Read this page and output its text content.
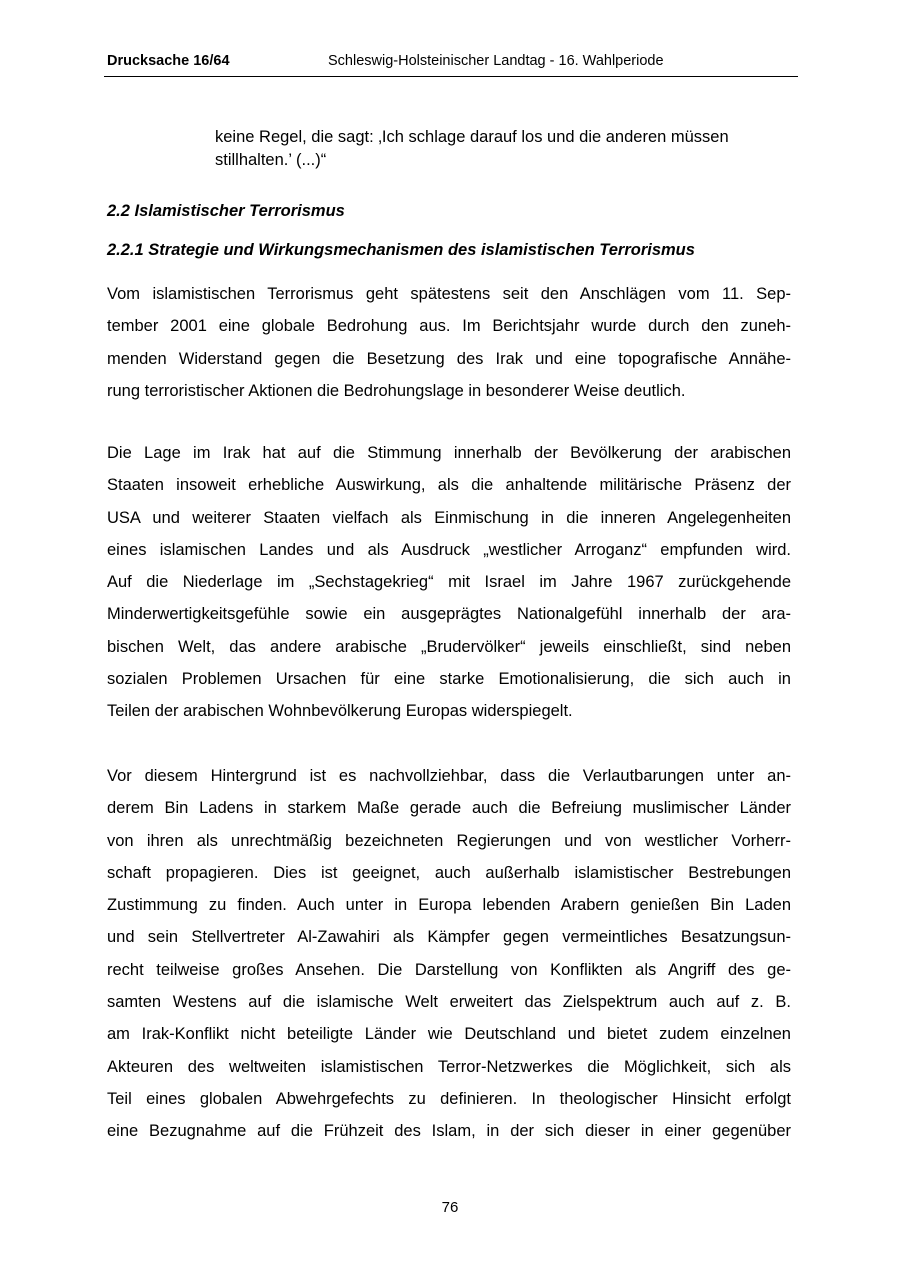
Drucksache 16/64	Schleswig-Holsteinischer Landtag - 16. Wahlperiode
keine Regel, die sagt: ‚Ich schlage darauf los und die anderen müssen
stillhalten.’ (...)“
2.2 Islamistischer Terrorismus
2.2.1 Strategie und Wirkungsmechanismen des islamistischen Terrorismus
Vom islamistischen Terrorismus geht spätestens seit den Anschlägen vom 11. Sep-
tember 2001 eine globale Bedrohung aus. Im Berichtsjahr wurde durch den zuneh-
menden Widerstand gegen die Besetzung des Irak und eine topografische Annähe-
rung terroristischer Aktionen die Bedrohungslage in besonderer Weise deutlich.
Die Lage im Irak hat auf die Stimmung innerhalb der Bevölkerung der arabischen
Staaten insoweit erhebliche Auswirkung, als die anhaltende militärische Präsenz der
USA und weiterer Staaten vielfach als Einmischung in die inneren Angelegenheiten
eines islamischen Landes und als Ausdruck „westlicher Arroganz“ empfunden wird.
Auf die Niederlage im „Sechstagekrieg“ mit Israel im Jahre 1967 zurückgehende
Minderwertigkeitsgefühle sowie ein ausgeprägtes Nationalgefühl innerhalb der ara-
bischen Welt, das andere arabische „Brudervölker“ jeweils einschließt, sind neben
sozialen Problemen Ursachen für eine starke Emotionalisierung, die sich auch in
Teilen der arabischen Wohnbevölkerung Europas widerspiegelt.
Vor diesem Hintergrund ist es nachvollziehbar, dass die Verlautbarungen unter an-
derem Bin Ladens in starkem Maße gerade auch die Befreiung muslimischer Länder
von ihren als unrechtmäßig bezeichneten Regierungen und von westlicher Vorherr-
schaft propagieren. Dies ist geeignet, auch außerhalb islamistischer Bestrebungen
Zustimmung zu finden. Auch unter in Europa lebenden Arabern genießen Bin Laden
und sein Stellvertreter Al-Zawahiri als Kämpfer gegen vermeintliches Besatzungsun-
recht teilweise großes Ansehen. Die Darstellung von Konflikten als Angriff des ge-
samten Westens auf die islamische Welt erweitert das Zielspektrum auch auf z. B.
am Irak-Konflikt nicht beteiligte Länder wie Deutschland und bietet zudem einzelnen
Akteuren des weltweiten islamistischen Terror-Netzwerkes die Möglichkeit, sich als
Teil eines globalen Abwehrgefechts zu definieren. In theologischer Hinsicht erfolgt
eine Bezugnahme auf die Frühzeit des Islam, in der sich dieser in einer gegenüber
76
